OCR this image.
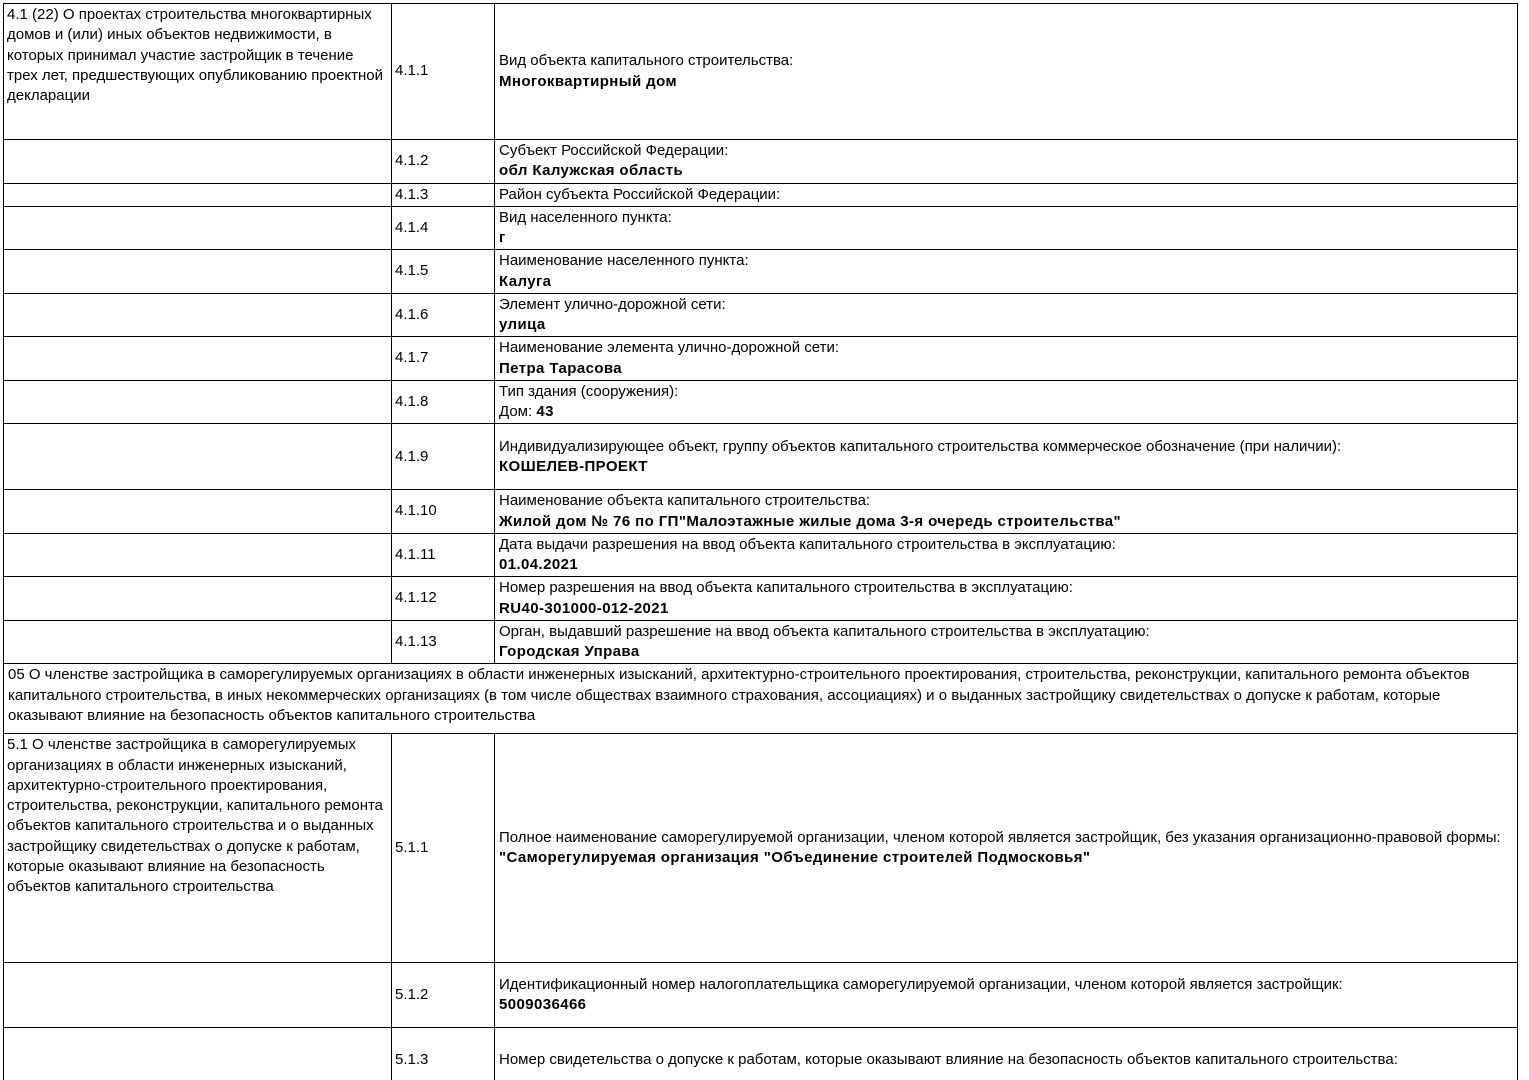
4.1 (22) О проектах строительства многоквартирных домов и (или) иных объектов недвижимости, в которых принимал участие застройщик в течение трех лет, предшествующих опубликованию проектной декларации	4.1.1	Вид объекта капитального строительства:
Многоквартирный дом

	4.1.2	Субъект Российской Федерации:
обл Калужская область

	4.1.3	Район субъекта Российской Федерации:

	4.1.4	Вид населенного пункта:
г

	4.1.5	Наименование населенного пункта:
Калуга

	4.1.6	Элемент улично-дорожной сети:
улица

	4.1.7	Наименование элемента улично-дорожной сети:
Петра Тарасова

	4.1.8	Тип здания (сооружения):
Дом: 43

	4.1.9	Индивидуализирующее объект, группу объектов капитального строительства коммерческое обозначение (при наличии):
КОШЕЛЕВ-ПРОЕКТ

	4.1.10	Наименование объекта капитального строительства:
Жилой дом № 76 по ГП"Малоэтажные жилые дома 3-я очередь строительства"

	4.1.11	Дата выдачи разрешения на ввод объекта капитального строительства в эксплуатацию:
01.04.2021

	4.1.12	Номер разрешения на ввод объекта капитального строительства в эксплуатацию:
RU40-301000-012-2021

	4.1.13	Орган, выдавший разрешение на ввод объекта капитального строительства в эксплуатацию:
Городская Управа

05 О членстве застройщика в саморегулируемых организациях в области инженерных изысканий, архитектурно-строительного проектирования, строительства, реконструкции, капитального ремонта объектов капитального строительства, в иных некоммерческих организациях (в том числе обществах взаимного страхования, ассоциациях) и о выданных застройщику свидетельствах о допуске к работам, которые оказывают влияние на безопасность объектов капитального строительства		
5.1 О членстве застройщика в саморегулируемых организациях в области инженерных изысканий, архитектурно-строительного проектирования, строительства, реконструкции, капитального ремонта объектов капитального строительства и о выданных застройщику свидетельствах о допуске к работам, которые оказывают влияние на безопасность объектов капитального строительства	5.1.1	Полное наименование саморегулируемой организации, членом которой является застройщик, без указания организационно-правовой формы:
"Саморегулируемая организация "Объединение строителей Подмосковья"

	5.1.2	Идентификационный номер налогоплательщика саморегулируемой организации, членом которой является застройщик:
5009036466

	5.1.3	Номер свидетельства о допуске к работам, которые оказывают влияние на безопасность объектов капитального строительства:
